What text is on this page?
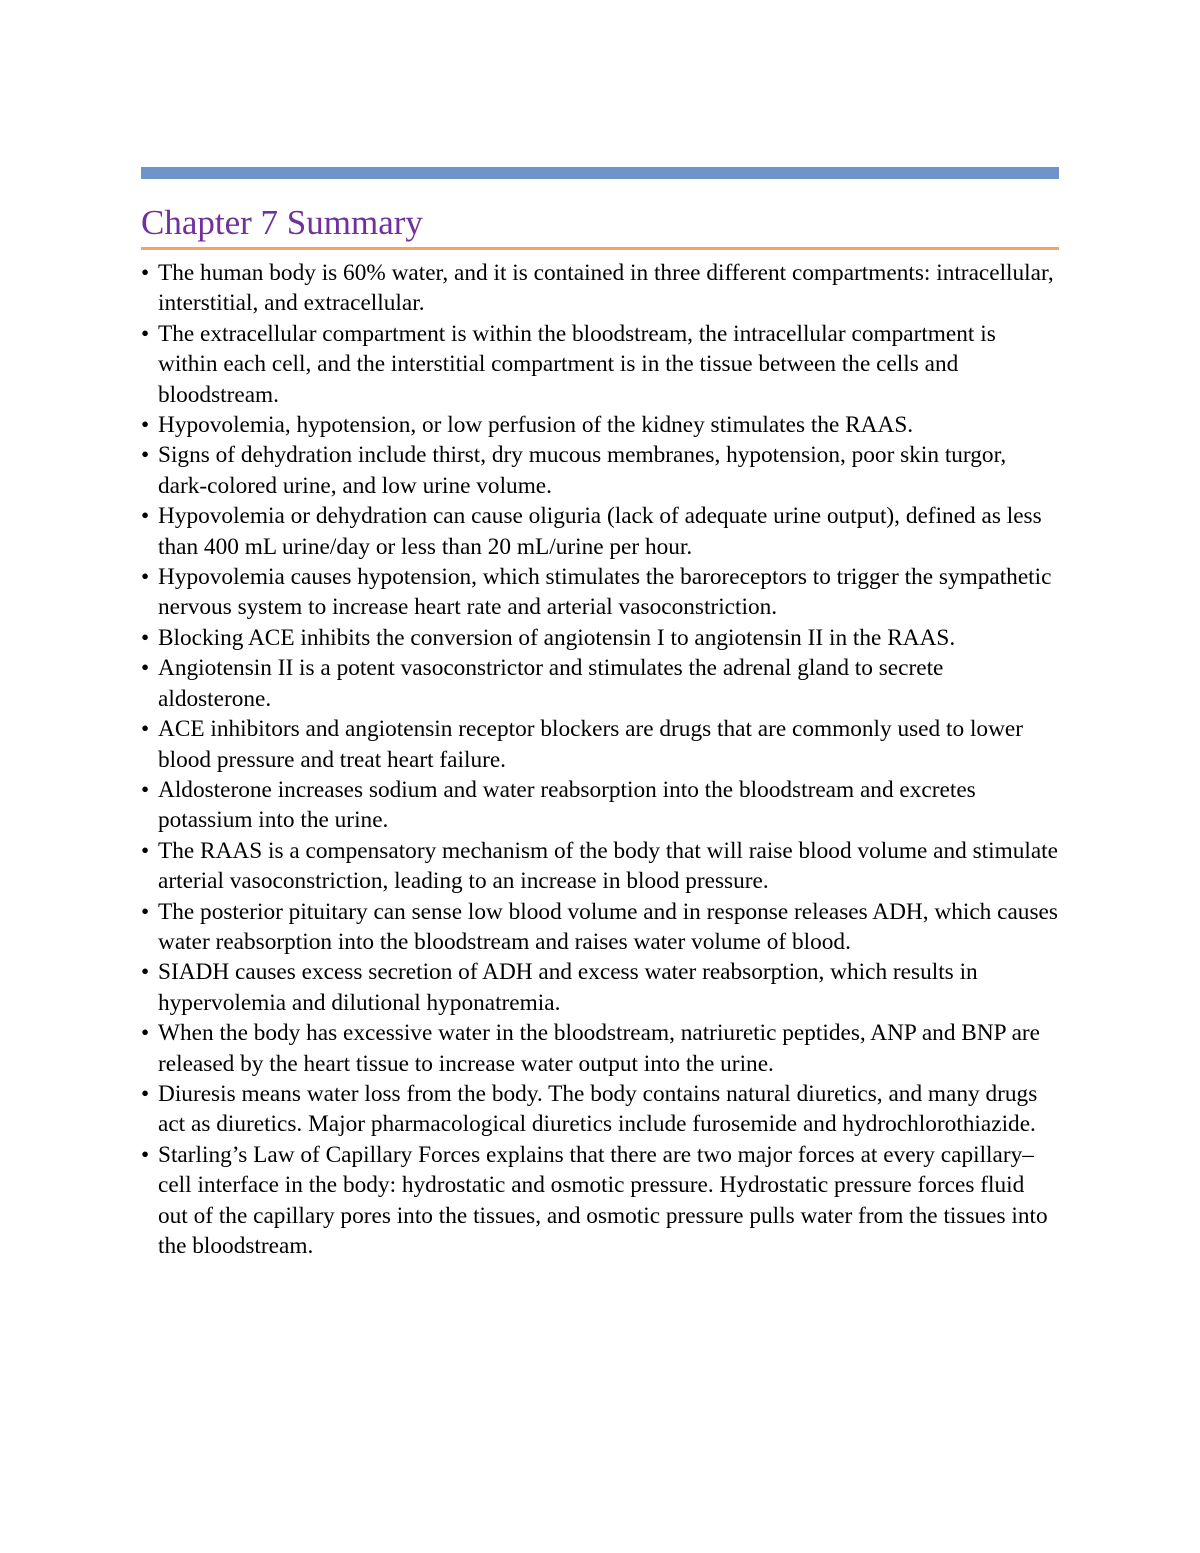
Chapter 7 Summary
• The human body is 60% water, and it is contained in three different compartments: intracellular, interstitial, and extracellular.
• The extracellular compartment is within the bloodstream, the intracellular compartment is within each cell, and the interstitial compartment is in the tissue between the cells and bloodstream.
• Hypovolemia, hypotension, or low perfusion of the kidney stimulates the RAAS.
• Signs of dehydration include thirst, dry mucous membranes, hypotension, poor skin turgor, dark-colored urine, and low urine volume.
• Hypovolemia or dehydration can cause oliguria (lack of adequate urine output), defined as less than 400 mL urine/day or less than 20 mL/urine per hour.
• Hypovolemia causes hypotension, which stimulates the baroreceptors to trigger the sympathetic nervous system to increase heart rate and arterial vasoconstriction.
• Blocking ACE inhibits the conversion of angiotensin I to angiotensin II in the RAAS.
• Angiotensin II is a potent vasoconstrictor and stimulates the adrenal gland to secrete aldosterone.
• ACE inhibitors and angiotensin receptor blockers are drugs that are commonly used to lower blood pressure and treat heart failure.
• Aldosterone increases sodium and water reabsorption into the bloodstream and excretes potassium into the urine.
• The RAAS is a compensatory mechanism of the body that will raise blood volume and stimulate arterial vasoconstriction, leading to an increase in blood pressure.
• The posterior pituitary can sense low blood volume and in response releases ADH, which causes water reabsorption into the bloodstream and raises water volume of blood.
• SIADH causes excess secretion of ADH and excess water reabsorption, which results in hypervolemia and dilutional hyponatremia.
• When the body has excessive water in the bloodstream, natriuretic peptides, ANP and BNP are released by the heart tissue to increase water output into the urine.
• Diuresis means water loss from the body. The body contains natural diuretics, and many drugs act as diuretics. Major pharmacological diuretics include furosemide and hydrochlorothiazide.
• Starling’s Law of Capillary Forces explains that there are two major forces at every capillary–cell interface in the body: hydrostatic and osmotic pressure. Hydrostatic pressure forces fluid out of the capillary pores into the tissues, and osmotic pressure pulls water from the tissues into the bloodstream.
